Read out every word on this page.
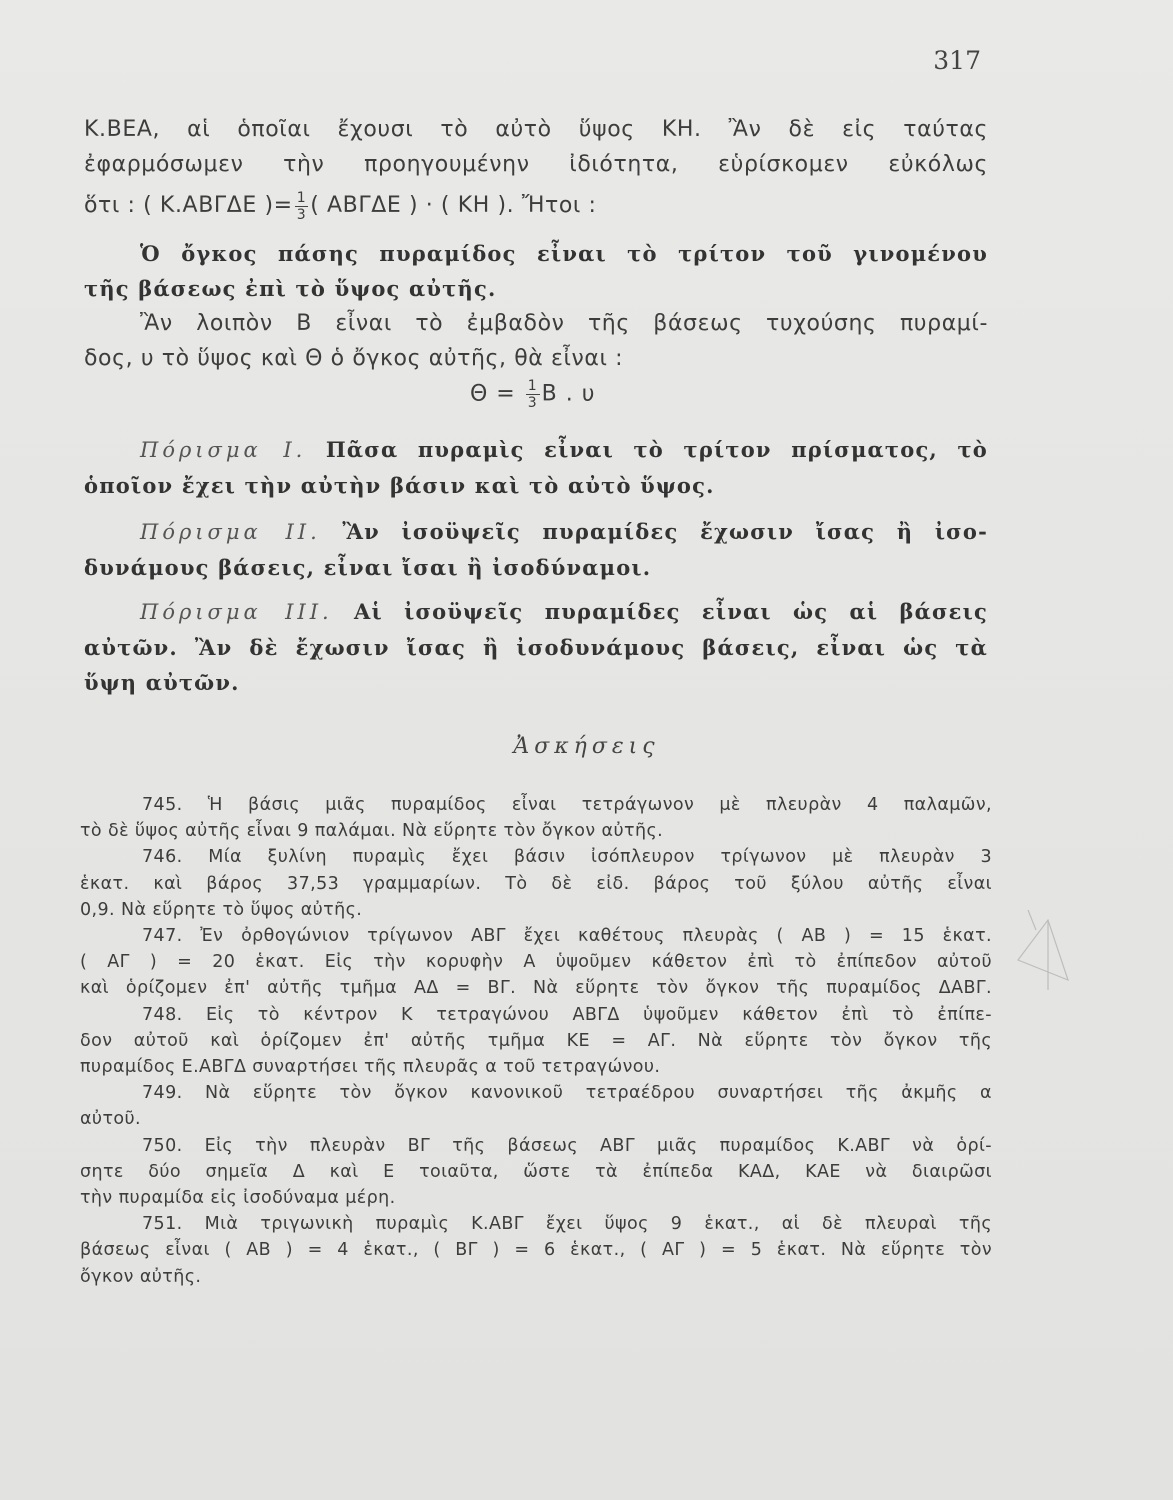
317
Κ.ΒΕΑ, αἱ ὁποῖαι ἔχουσι τὸ αὐτὸ ὕψος ΚΗ. Ἂν δὲ εἰς ταύτας
ἐφαρμόσωμεν τὴν προηγουμένην ἰδιότητα, εὑρίσκομεν εὐκόλως
ὅτι : ( Κ.ΑΒΓΔΕ )= $\frac{1}{3}$ ( ΑΒΓΔΕ ) · ( ΚΗ ). Ἤτοι :
Ὁ ὄγκος πάσης πυραμίδος εἶναι τὸ τρίτον τοῦ γινομένου
τῆς βάσεως ἐπὶ τὸ ὕψος αὐτῆς.
Ἂν λοιπὸν Β εἶναι τὸ ἐμβαδὸν τῆς βάσεως τυχούσης πυραμί-
δος, υ τὸ ὕψος καὶ Θ ὁ ὄγκος αὐτῆς, θὰ εἶναι :
$\Theta = \frac{1}{3}$ Β . υ
Πόρισμα Ι. Πᾶσα πυραμὶς εἶναι τὸ τρίτον πρίσματος, τὸ
ὁποῖον ἔχει τὴν αὐτὴν βάσιν καὶ τὸ αὐτὸ ὕψος.
Πόρισμα ΙΙ. Ἂν ἰσοϋψεῖς πυραμίδες ἔχωσιν ἴσας ἢ ἰσο-
δυνάμους βάσεις, εἶναι ἴσαι ἢ ἰσοδύναμοι.
Πόρισμα ΙΙΙ. Αἱ ἰσοϋψεῖς πυραμίδες εἶναι ὡς αἱ βάσεις
αὐτῶν. Ἂν δὲ ἔχωσιν ἴσας ἢ ἰσοδυνάμους βάσεις, εἶναι ὡς τὰ
ὕψη αὐτῶν.
Ἀσκήσεις
745. Ἡ βάσις μιᾶς πυραμίδος εἶναι τετράγωνον μὲ πλευρὰν 4 παλαμῶν,
τὸ δὲ ὕψος αὐτῆς εἶναι 9 παλάμαι. Νὰ εὕρητε τὸν ὄγκον αὐτῆς.
746. Μία ξυλίνη πυραμὶς ἔχει βάσιν ἰσόπλευρον τρίγωνον μὲ πλευρὰν 3
ἑκατ. καὶ βάρος 37,53 γραμμαρίων. Τὸ δὲ εἰδ. βάρος τοῦ ξύλου αὐτῆς εἶναι
0,9. Νὰ εὕρητε τὸ ὕψος αὐτῆς.
747. Ἐν ὀρθογώνιον τρίγωνον ΑΒΓ ἔχει καθέτους πλευρὰς ( ΑΒ ) = 15 ἑκατ.
( ΑΓ ) = 20 ἑκατ. Εἰς τὴν κορυφὴν Α ὑψοῦμεν κάθετον ἐπὶ τὸ ἐπίπεδον αὐτοῦ
καὶ ὁρίζομεν ἐπ' αὐτῆς τμῆμα ΑΔ = ΒΓ. Νὰ εὕρητε τὸν ὄγκον τῆς πυραμίδος ΔΑΒΓ.
748. Εἰς τὸ κέντρον Κ τετραγώνου ΑΒΓΔ ὑψοῦμεν κάθετον ἐπὶ τὸ ἐπίπε-
δον αὐτοῦ καὶ ὁρίζομεν ἐπ' αὐτῆς τμῆμα ΚΕ = ΑΓ. Νὰ εὕρητε τὸν ὄγκον τῆς
πυραμίδος Ε.ΑΒΓΔ συναρτήσει τῆς πλευρᾶς α τοῦ τετραγώνου.
749. Νὰ εὕρητε τὸν ὄγκον κανονικοῦ τετραέδρου συναρτήσει τῆς ἀκμῆς α
αὐτοῦ.
750. Εἰς τὴν πλευρὰν ΒΓ τῆς βάσεως ΑΒΓ μιᾶς πυραμίδος Κ.ΑΒΓ νὰ ὁρί-
σητε δύο σημεῖα Δ καὶ Ε τοιαῦτα, ὥστε τὰ ἐπίπεδα ΚΑΔ, ΚΑΕ νὰ διαιρῶσι
τὴν πυραμίδα εἰς ἰσοδύναμα μέρη.
751. Μιὰ τριγωνικὴ πυραμὶς Κ.ΑΒΓ ἔχει ὕψος 9 ἑκατ., αἱ δὲ πλευραὶ τῆς
βάσεως εἶναι ( ΑΒ ) = 4 ἑκατ., ( ΒΓ ) = 6 ἑκατ., ( ΑΓ ) = 5 ἑκατ. Νὰ εὕρητε τὸν
ὄγκον αὐτῆς.
